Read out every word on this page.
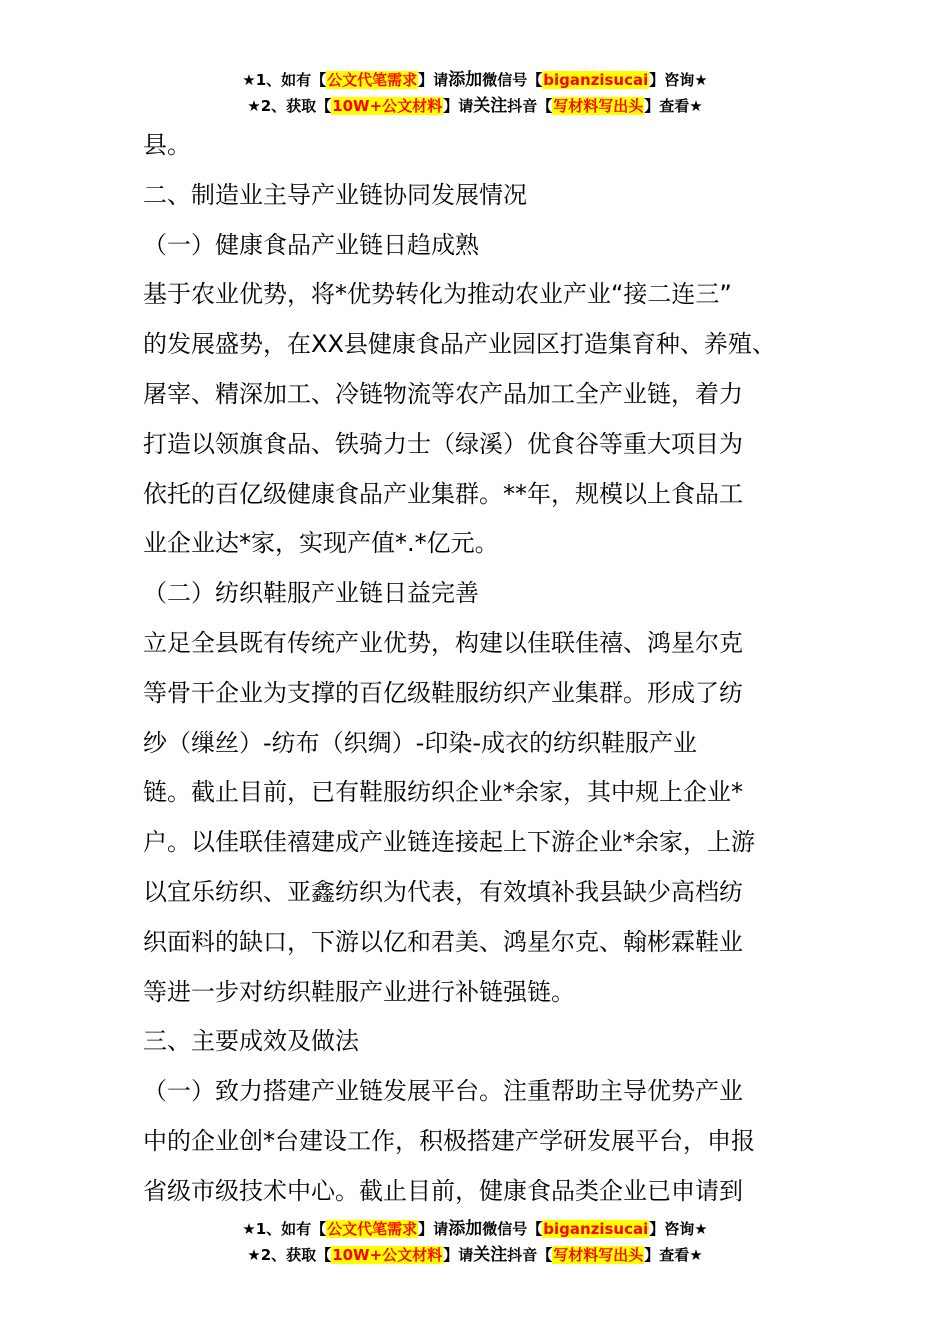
★1、如有【公文代笔需求】请添加微信号【biganzisucai】咨询★
★2、获取【10W+公文材料】请关注抖音【写材料写出头】查看★

县。

二、制造业主导产业链协同发展情况

（一）健康食品产业链日趋成熟

基于农业优势，将*优势转化为推动农业产业“接二连三”
的发展盛势，在XX县健康食品产业园区打造集育种、养殖、
屠宰、精深加工、冷链物流等农产品加工全产业链，着力
打造以领旗食品、铁骑力士（绿溪）优食谷等重大项目为
依托的百亿级健康食品产业集群。**年，规模以上食品工
业企业达*家，实现产值*.*亿元。

（二）纺织鞋服产业链日益完善

立足全县既有传统产业优势，构建以佳联佳禧、鸿星尔克
等骨干企业为支撑的百亿级鞋服纺织产业集群。形成了纺
纱（缫丝）-纺布（织绸）-印染-成衣的纺织鞋服产业
链。截止目前，已有鞋服纺织企业*余家，其中规上企业*
户。以佳联佳禧建成产业链连接起上下游企业*余家，上游
以宜乐纺织、亚鑫纺织为代表，有效填补我县缺少高档纺
织面料的缺口，下游以亿和君美、鸿星尔克、翰彬霖鞋业
等进一步对纺织鞋服产业进行补链强链。

三、主要成效及做法

（一）致力搭建产业链发展平台。注重帮助主导优势产业
中的企业创*台建设工作，积极搭建产学研发展平台，申报
省级市级技术中心。截止目前，健康食品类企业已申请到

★1、如有【公文代笔需求】请添加微信号【biganzisucai】咨询★
★2、获取【10W+公文材料】请关注抖音【写材料写出头】查看★
